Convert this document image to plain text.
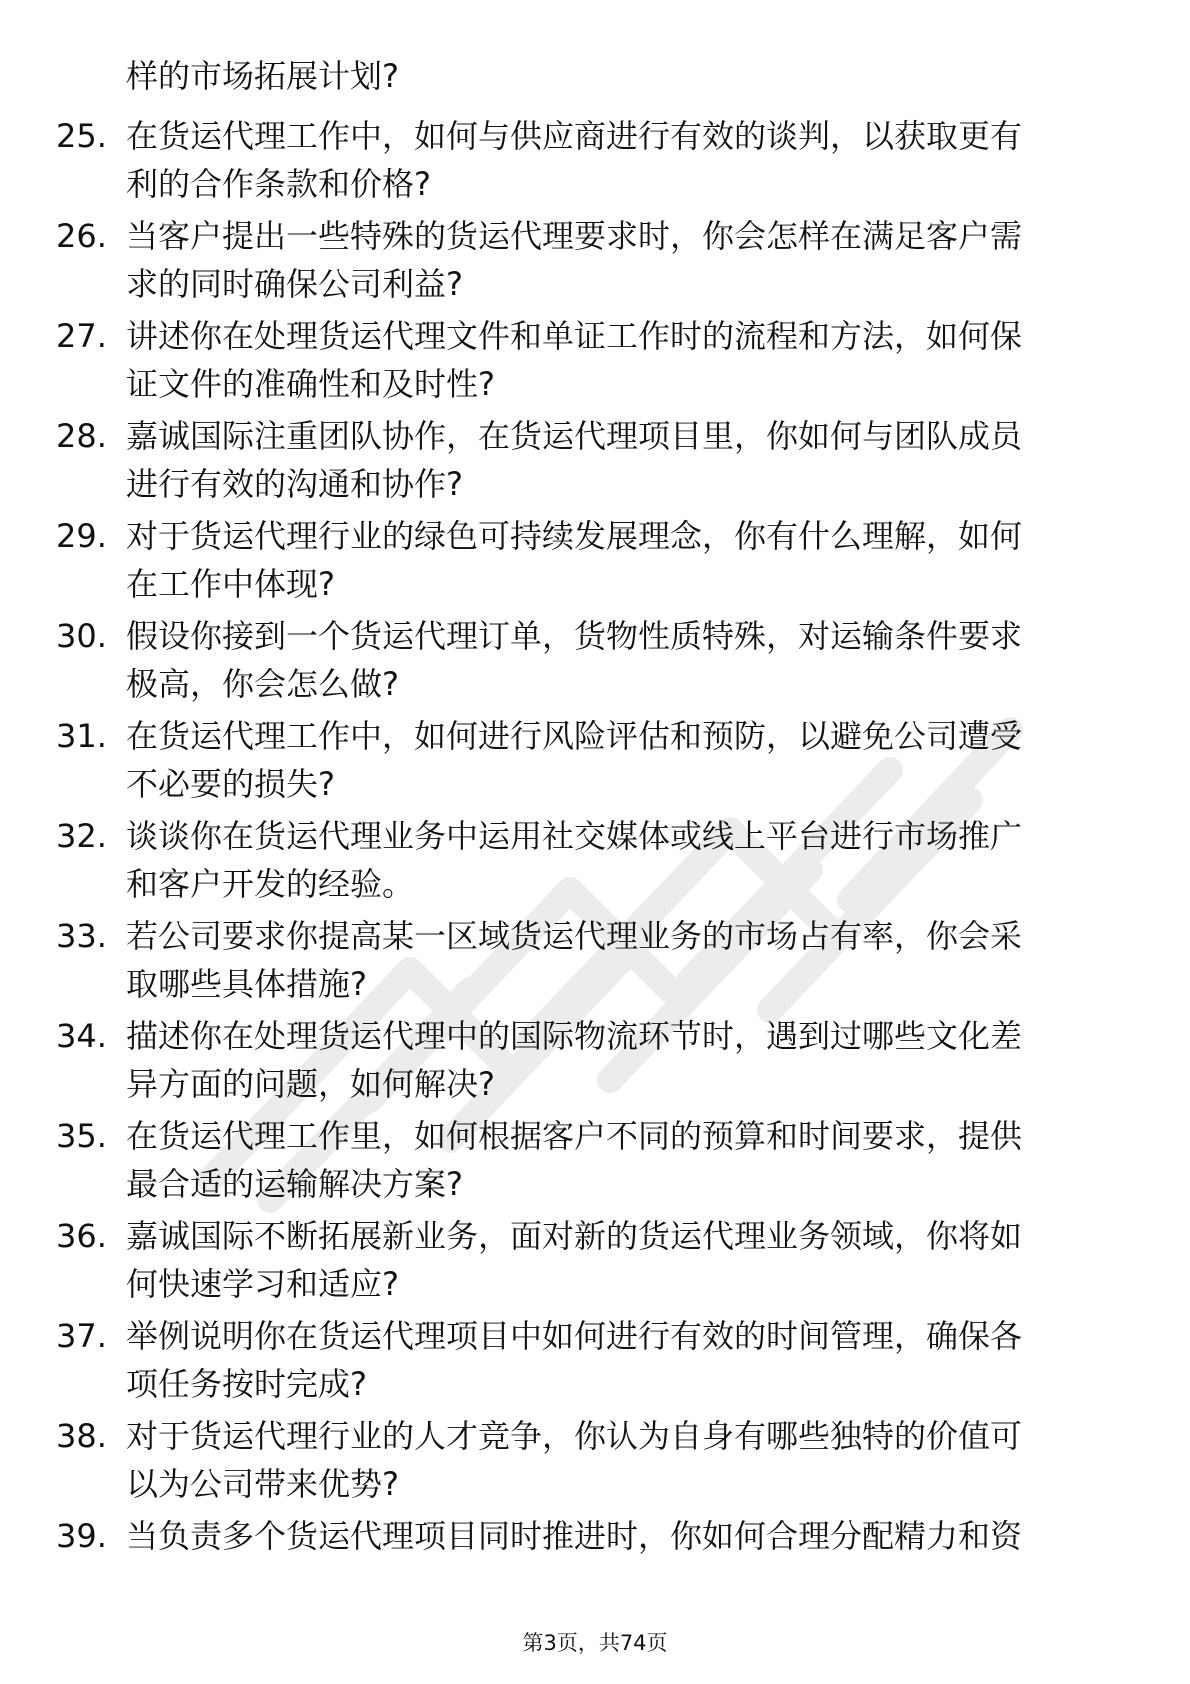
样的市场拓展计划?
25. 在货运代理工作中，如何与供应商进行有效的谈判，以获取更有
利的合作条款和价格?
26. 当客户提出一些特殊的货运代理要求时，你会怎样在满足客户需
求的同时确保公司利益?
27. 讲述你在处理货运代理文件和单证工作时的流程和方法，如何保
证文件的准确性和及时性?
28. 嘉诚国际注重团队协作，在货运代理项目里，你如何与团队成员
进行有效的沟通和协作?
29. 对于货运代理行业的绿色可持续发展理念，你有什么理解，如何
在工作中体现?
30. 假设你接到一个货运代理订单，货物性质特殊，对运输条件要求
极高，你会怎么做?
31. 在货运代理工作中，如何进行风险评估和预防，以避免公司遭受
不必要的损失?
32. 谈谈你在货运代理业务中运用社交媒体或线上平台进行市场推广
和客户开发的经验。
33. 若公司要求你提高某一区域货运代理业务的市场占有率，你会采
取哪些具体措施?
34. 描述你在处理货运代理中的国际物流环节时，遇到过哪些文化差
异方面的问题，如何解决?
35. 在货运代理工作里，如何根据客户不同的预算和时间要求，提供
最合适的运输解决方案?
36. 嘉诚国际不断拓展新业务，面对新的货运代理业务领域，你将如
何快速学习和适应?
37. 举例说明你在货运代理项目中如何进行有效的时间管理，确保各
项任务按时完成?
38. 对于货运代理行业的人才竞争，你认为自身有哪些独特的价值可
以为公司带来优势?
39. 当负责多个货运代理项目同时推进时，你如何合理分配精力和资
第3页，共74页
